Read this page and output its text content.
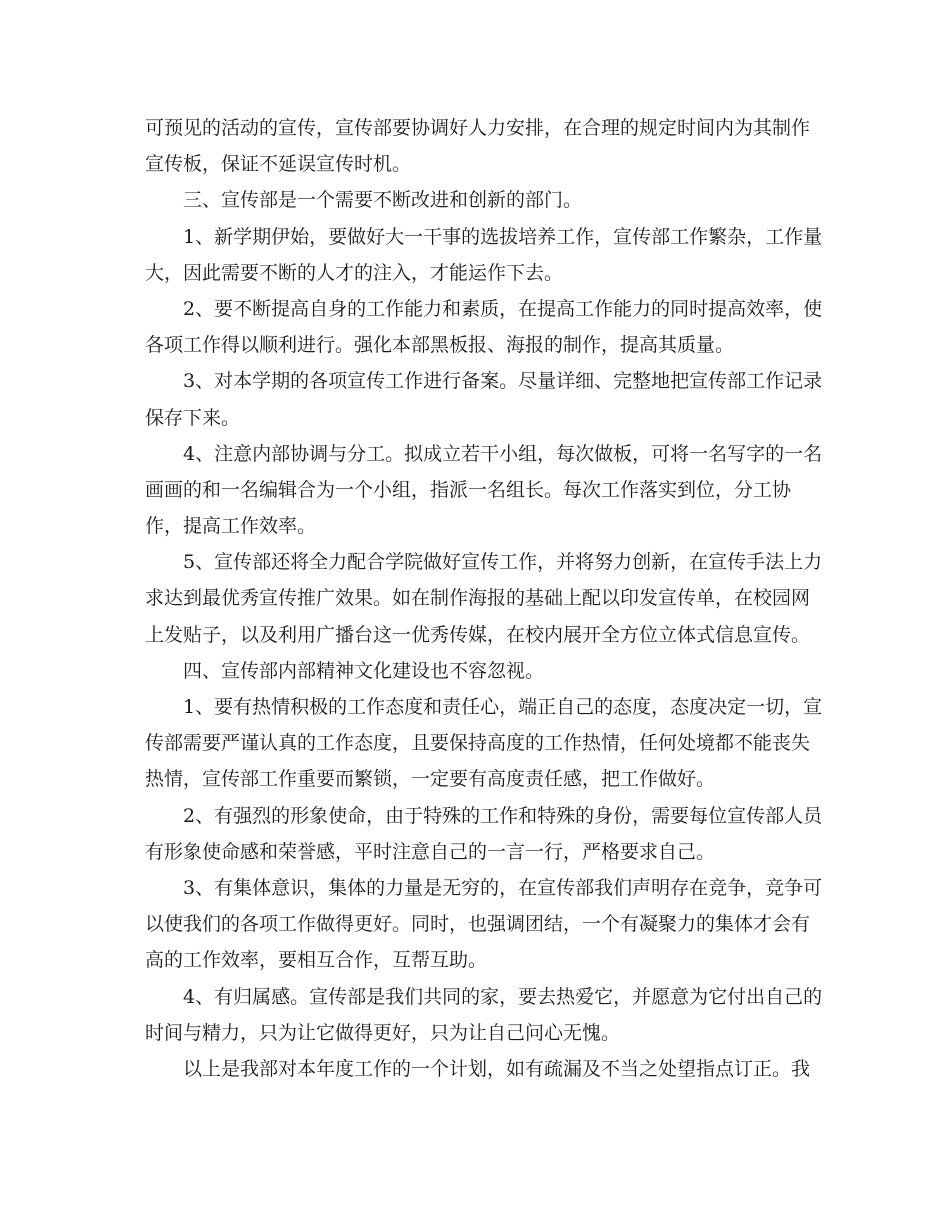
可预见的活动的宣传，宣传部要协调好人力安排，在合理的规定时间内为其制作
宣传板，保证不延误宣传时机。
三、宣传部是一个需要不断改进和创新的部门。
1、新学期伊始，要做好大一干事的选拔培养工作，宣传部工作繁杂，工作量
大，因此需要不断的人才的注入，才能运作下去。
2、要不断提高自身的工作能力和素质，在提高工作能力的同时提高效率，使
各项工作得以顺利进行。强化本部黑板报、海报的制作，提高其质量。
3、对本学期的各项宣传工作进行备案。尽量详细、完整地把宣传部工作记录
保存下来。
4、注意内部协调与分工。拟成立若干小组，每次做板，可将一名写字的一名
画画的和一名编辑合为一个小组，指派一名组长。每次工作落实到位，分工协
作，提高工作效率。
5、宣传部还将全力配合学院做好宣传工作，并将努力创新，在宣传手法上力
求达到最优秀宣传推广效果。如在制作海报的基础上配以印发宣传单，在校园网
上发贴子，以及利用广播台这一优秀传媒，在校内展开全方位立体式信息宣传。
四、宣传部内部精神文化建设也不容忽视。
1、要有热情积极的工作态度和责任心，端正自己的态度，态度决定一切，宣
传部需要严谨认真的工作态度，且要保持高度的工作热情，任何处境都不能丧失
热情，宣传部工作重要而繁锁，一定要有高度责任感，把工作做好。
2、有强烈的形象使命，由于特殊的工作和特殊的身份，需要每位宣传部人员
有形象使命感和荣誉感，平时注意自己的一言一行，严格要求自己。
3、有集体意识，集体的力量是无穷的，在宣传部我们声明存在竞争，竞争可
以使我们的各项工作做得更好。同时，也强调团结，一个有凝聚力的集体才会有
高的工作效率，要相互合作，互帮互助。
4、有归属感。宣传部是我们共同的家，要去热爱它，并愿意为它付出自己的
时间与精力，只为让它做得更好，只为让自己问心无愧。
以上是我部对本年度工作的一个计划，如有疏漏及不当之处望指点订正。我
